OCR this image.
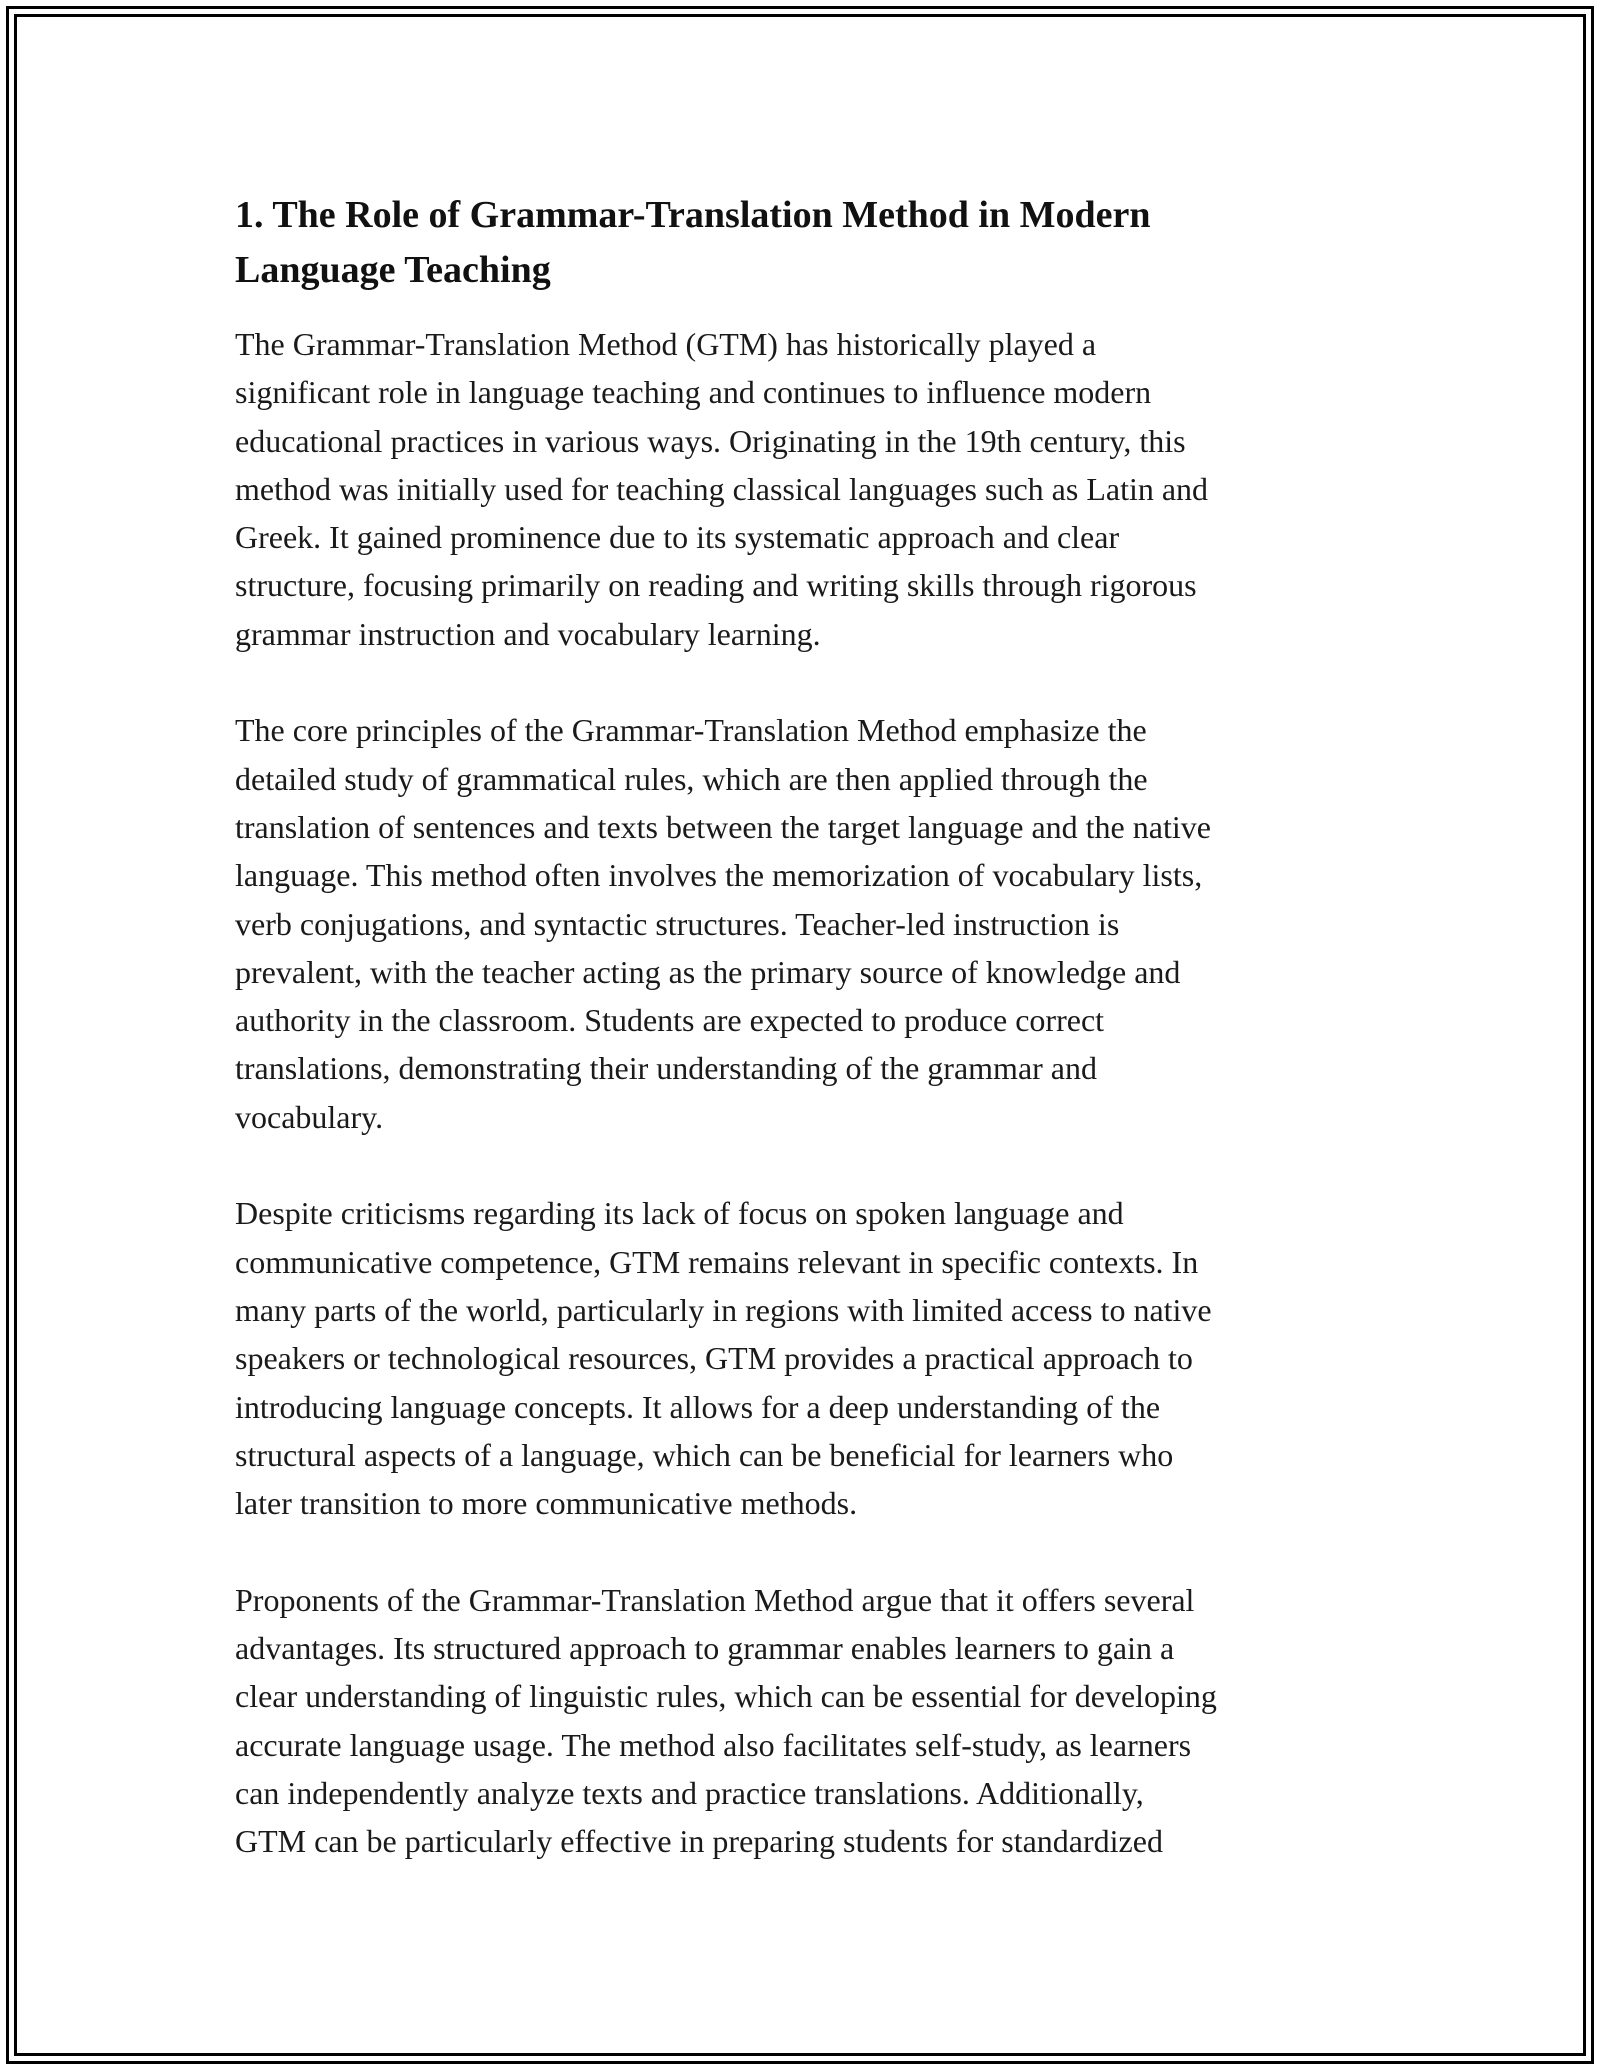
1. The Role of Grammar-Translation Method in Modern
Language Teaching

The Grammar-Translation Method (GTM) has historically played a
significant role in language teaching and continues to influence modern
educational practices in various ways. Originating in the 19th century, this
method was initially used for teaching classical languages such as Latin and
Greek. It gained prominence due to its systematic approach and clear
structure, focusing primarily on reading and writing skills through rigorous
grammar instruction and vocabulary learning.

The core principles of the Grammar-Translation Method emphasize the
detailed study of grammatical rules, which are then applied through the
translation of sentences and texts between the target language and the native
language. This method often involves the memorization of vocabulary lists,
verb conjugations, and syntactic structures. Teacher-led instruction is
prevalent, with the teacher acting as the primary source of knowledge and
authority in the classroom. Students are expected to produce correct
translations, demonstrating their understanding of the grammar and
vocabulary.

Despite criticisms regarding its lack of focus on spoken language and
communicative competence, GTM remains relevant in specific contexts. In
many parts of the world, particularly in regions with limited access to native
speakers or technological resources, GTM provides a practical approach to
introducing language concepts. It allows for a deep understanding of the
structural aspects of a language, which can be beneficial for learners who
later transition to more communicative methods.

Proponents of the Grammar-Translation Method argue that it offers several
advantages. Its structured approach to grammar enables learners to gain a
clear understanding of linguistic rules, which can be essential for developing
accurate language usage. The method also facilitates self-study, as learners
can independently analyze texts and practice translations. Additionally,
GTM can be particularly effective in preparing students for standardized
